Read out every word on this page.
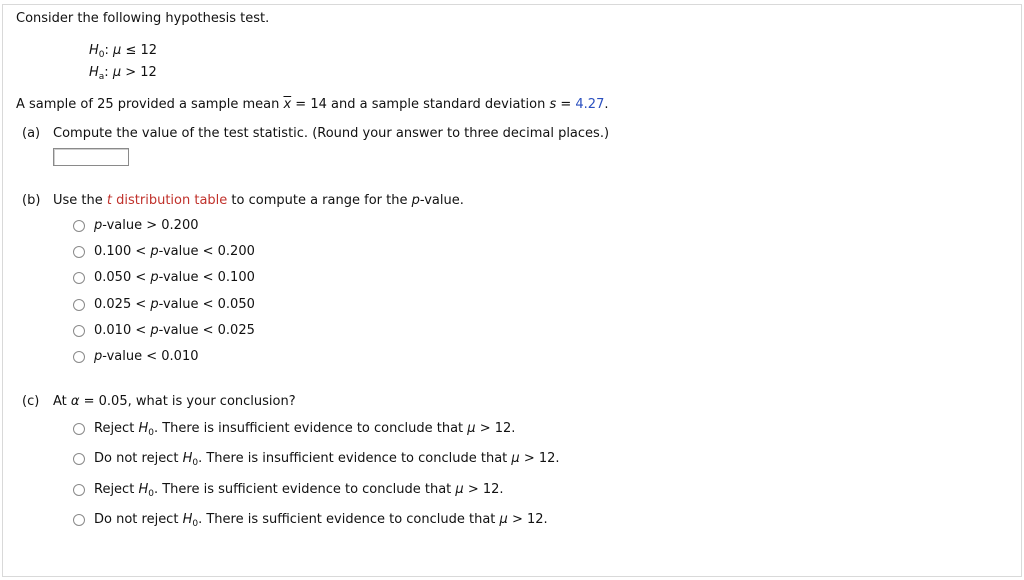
Consider the following hypothesis test.
$H_0$: μ ≤ 12
$H_a$: μ > 12
A sample of 25 provided a sample mean $\overline{x} = 14$ and a sample standard deviation s = 4.27.
(a) Compute the value of the test statistic. (Round your answer to three decimal places.)
(b) Use the t distribution table to compute a range for the p-value.
p-value > 0.200
0.100 < p-value < 0.200
0.050 < p-value < 0.100
0.025 < p-value < 0.050
0.010 < p-value < 0.025
p-value < 0.010
(c) At α = 0.05, what is your conclusion?
Reject $H_0$. There is insufficient evidence to conclude that μ > 12.
Do not reject $H_0$. There is insufficient evidence to conclude that μ > 12.
Reject $H_0$. There is sufficient evidence to conclude that μ > 12.
Do not reject $H_0$. There is sufficient evidence to conclude that μ > 12.
